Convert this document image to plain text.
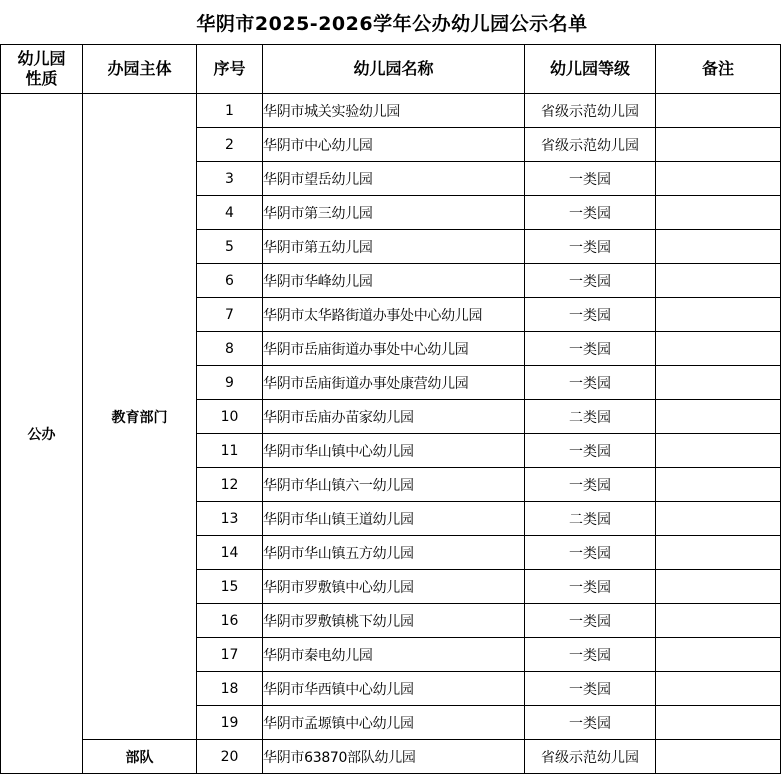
华阴市2025-2026学年公办幼儿园公示名单
幼儿园
性质	办园主体	序号	幼儿园名称	幼儿园等级	备注
公办	教育部门	1	华阴市城关实验幼儿园	省级示范幼儿园	
		2	华阴市中心幼儿园	省级示范幼儿园	
		3	华阴市望岳幼儿园	一类园	
		4	华阴市第三幼儿园	一类园	
		5	华阴市第五幼儿园	一类园	
		6	华阴市华峰幼儿园	一类园	
		7	华阴市太华路街道办事处中心幼儿园	一类园	
		8	华阴市岳庙街道办事处中心幼儿园	一类园	
		9	华阴市岳庙街道办事处康营幼儿园	一类园	
		10	华阴市岳庙办苗家幼儿园	二类园	
		11	华阴市华山镇中心幼儿园	一类园	
		12	华阴市华山镇六一幼儿园	一类园	
		13	华阴市华山镇王道幼儿园	二类园	
		14	华阴市华山镇五方幼儿园	一类园	
		15	华阴市罗敷镇中心幼儿园	一类园	
		16	华阴市罗敷镇桃下幼儿园	一类园	
		17	华阴市秦电幼儿园	一类园	
		18	华阴市华西镇中心幼儿园	一类园	
		19	华阴市孟塬镇中心幼儿园	一类园	
	部队	20	华阴市63870部队幼儿园	省级示范幼儿园	
